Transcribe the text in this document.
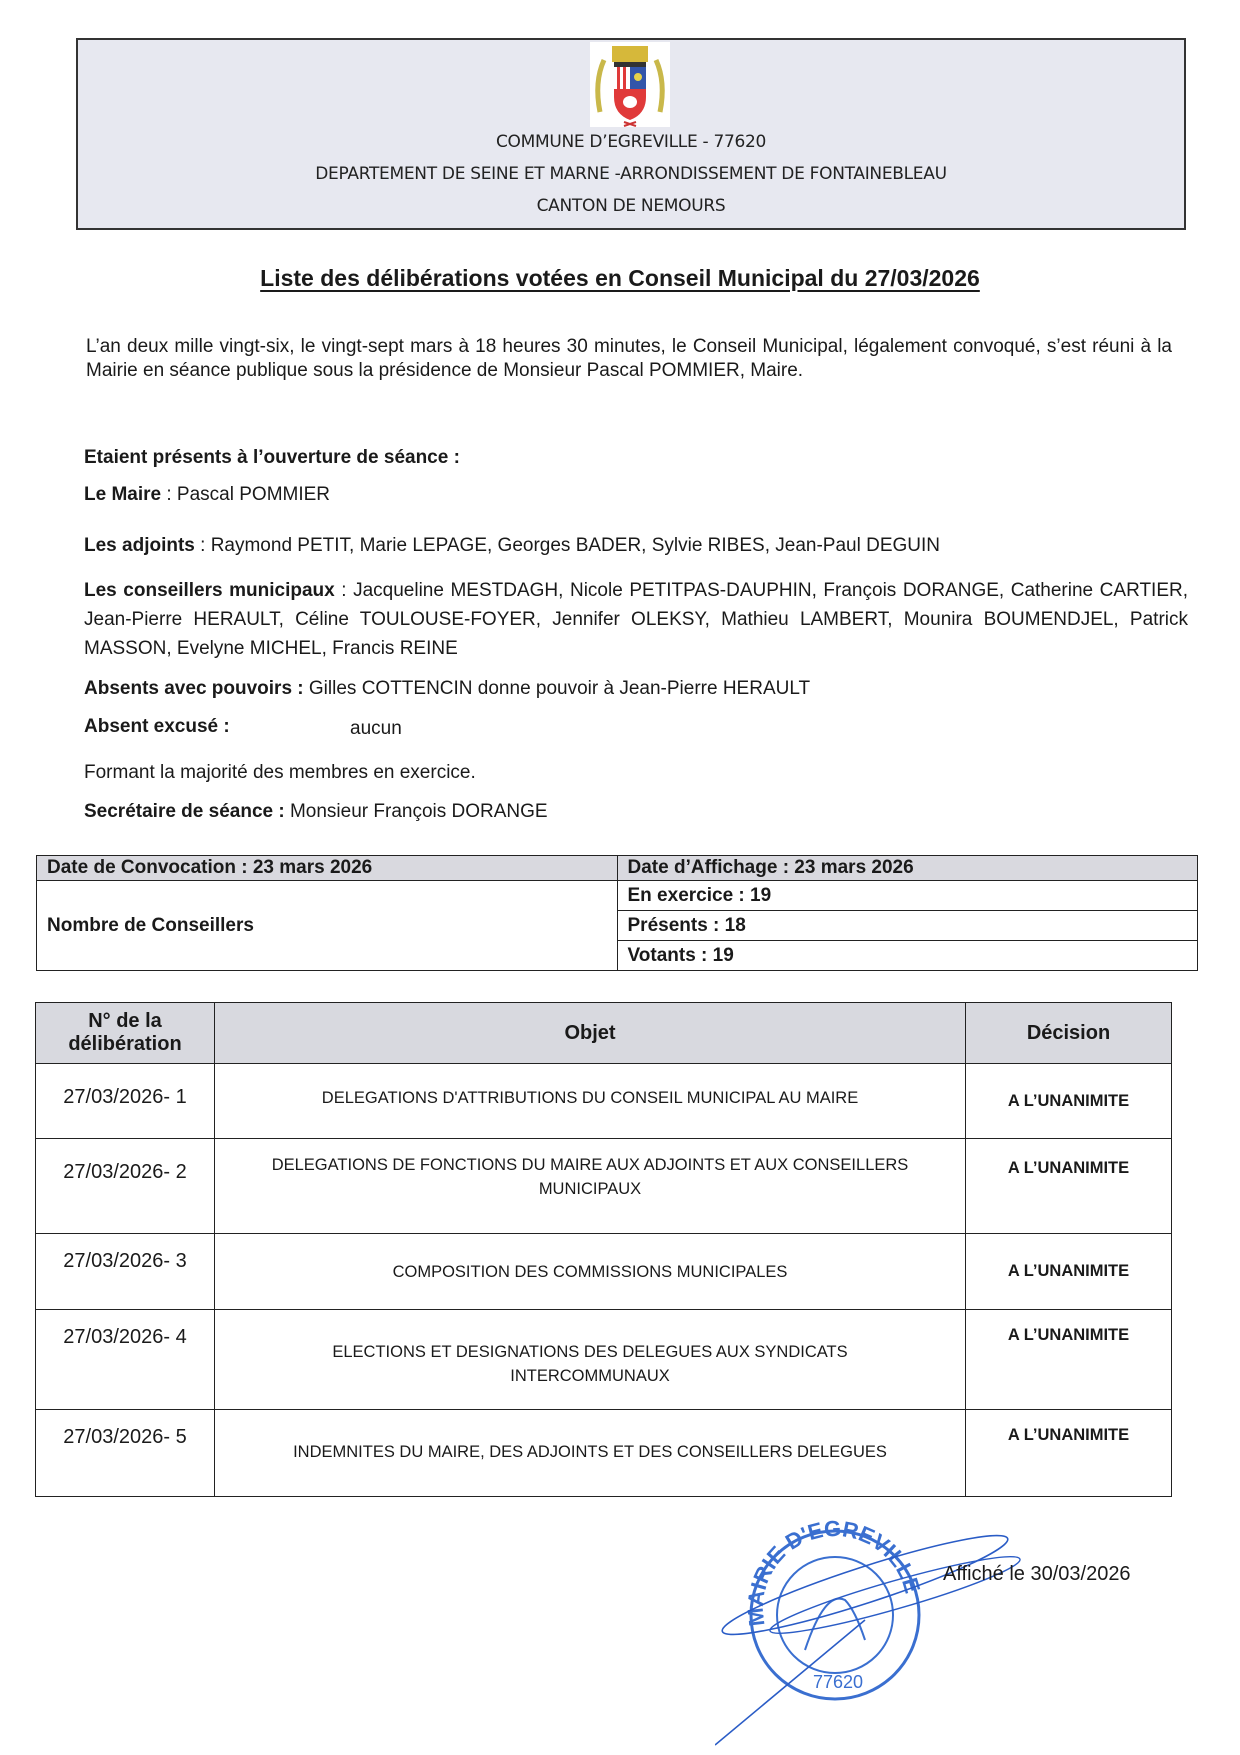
COMMUNE D’EGREVILLE - 77620
DEPARTEMENT DE SEINE ET MARNE -ARRONDISSEMENT DE FONTAINEBLEAU
CANTON DE NEMOURS
Liste des délibérations votées en Conseil Municipal du 27/03/2026
L’an deux mille vingt-six, le vingt-sept mars à 18 heures 30 minutes, le Conseil Municipal, légalement convoqué, s’est réuni à la Mairie en séance publique sous la présidence de Monsieur Pascal POMMIER, Maire.
Etaient présents à l’ouverture de séance :
Le Maire : Pascal POMMIER
Les adjoints : Raymond PETIT, Marie LEPAGE, Georges BADER, Sylvie RIBES, Jean-Paul DEGUIN
Les conseillers municipaux : Jacqueline MESTDAGH, Nicole PETITPAS-DAUPHIN, François DORANGE, Catherine CARTIER, Jean-Pierre HERAULT, Céline TOULOUSE-FOYER, Jennifer OLEKSY, Mathieu LAMBERT, Mounira BOUMENDJEL, Patrick MASSON, Evelyne MICHEL, Francis REINE
Absents avec pouvoirs : Gilles COTTENCIN donne pouvoir à Jean-Pierre HERAULT
Absent excusé :	aucun
Formant la majorité des membres en exercice.
Secrétaire de séance : Monsieur François DORANGE
Date de Convocation : 23 mars 2026	Date d’Affichage : 23 mars 2026
Nombre de Conseillers	En exercice : 19
	Présents : 18
	Votants : 19
N° de la délibération	Objet	Décision
27/03/2026- 1	DELEGATIONS D'ATTRIBUTIONS DU CONSEIL MUNICIPAL AU MAIRE	A L’UNANIMITE
27/03/2026- 2	DELEGATIONS DE FONCTIONS DU MAIRE AUX ADJOINTS ET AUX CONSEILLERS MUNICIPAUX	A L’UNANIMITE
27/03/2026- 3	COMPOSITION DES COMMISSIONS MUNICIPALES	A L’UNANIMITE
27/03/2026- 4	ELECTIONS ET DESIGNATIONS DES DELEGUES AUX SYNDICATS INTERCOMMUNAUX	A L’UNANIMITE
27/03/2026- 5	INDEMNITES DU MAIRE, DES ADJOINTS ET DES CONSEILLERS DELEGUES	A L’UNANIMITE
MAIRIE D'EGREVILLE
77620
Affiché le 30/03/2026
